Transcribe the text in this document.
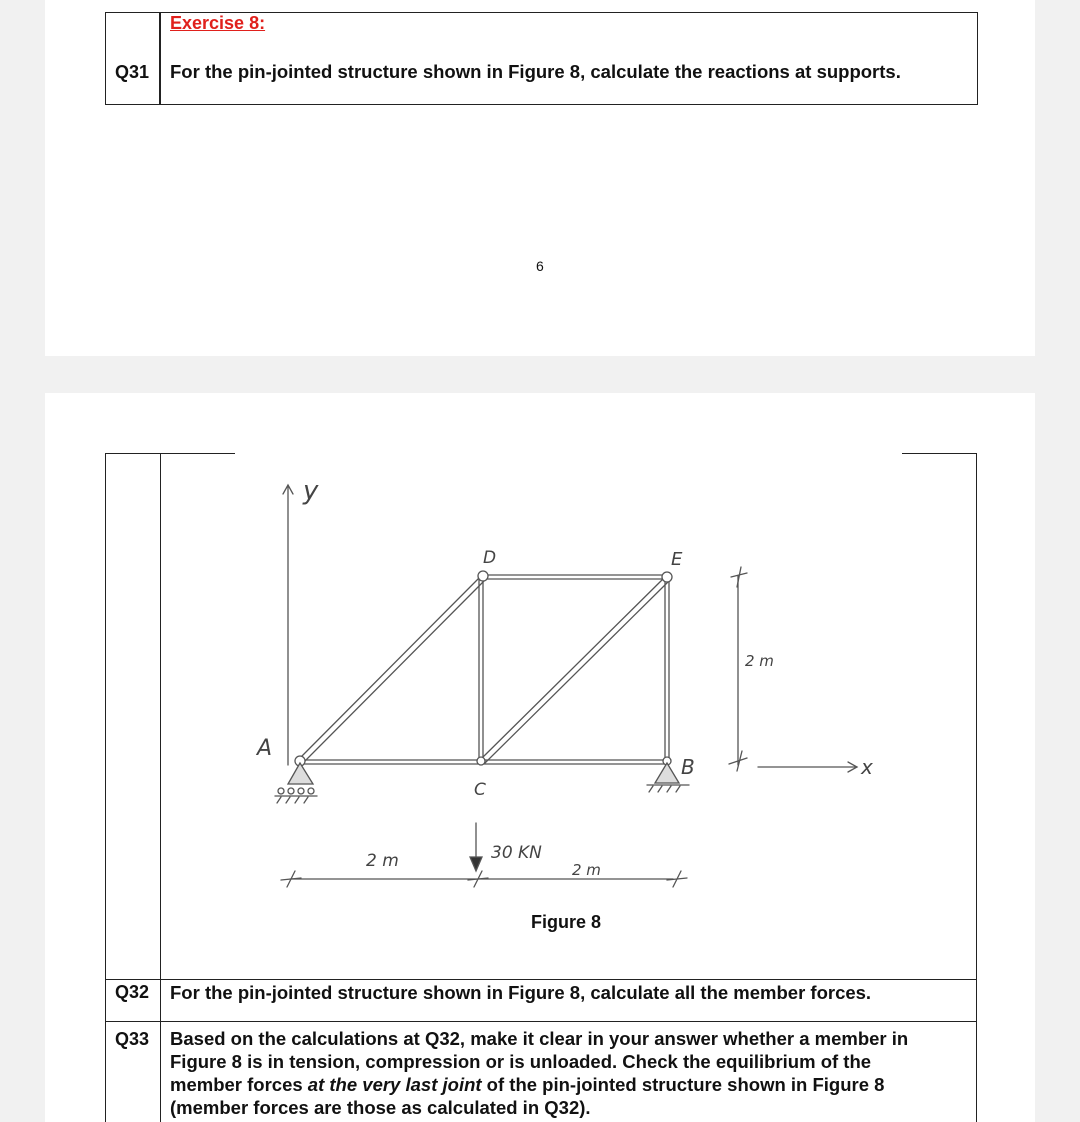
Exercise 8:
Q31 For the pin-jointed structure shown in Figure 8, calculate the reactions at supports.
6
Q32 For the pin-jointed structure shown in Figure 8, calculate all the member forces.
Q33 Based on the calculations at Q32, make it clear in your answer whether a member in
Figure 8 is in tension, compression or is unloaded. Check the equilibrium of the
member forces at the very last joint of the pin-jointed structure shown in Figure 8
(member forces are those as calculated in Q32).
y
x
A
B
C
D	E
30 KN
2 m	2 m
2 m
Figure 8
